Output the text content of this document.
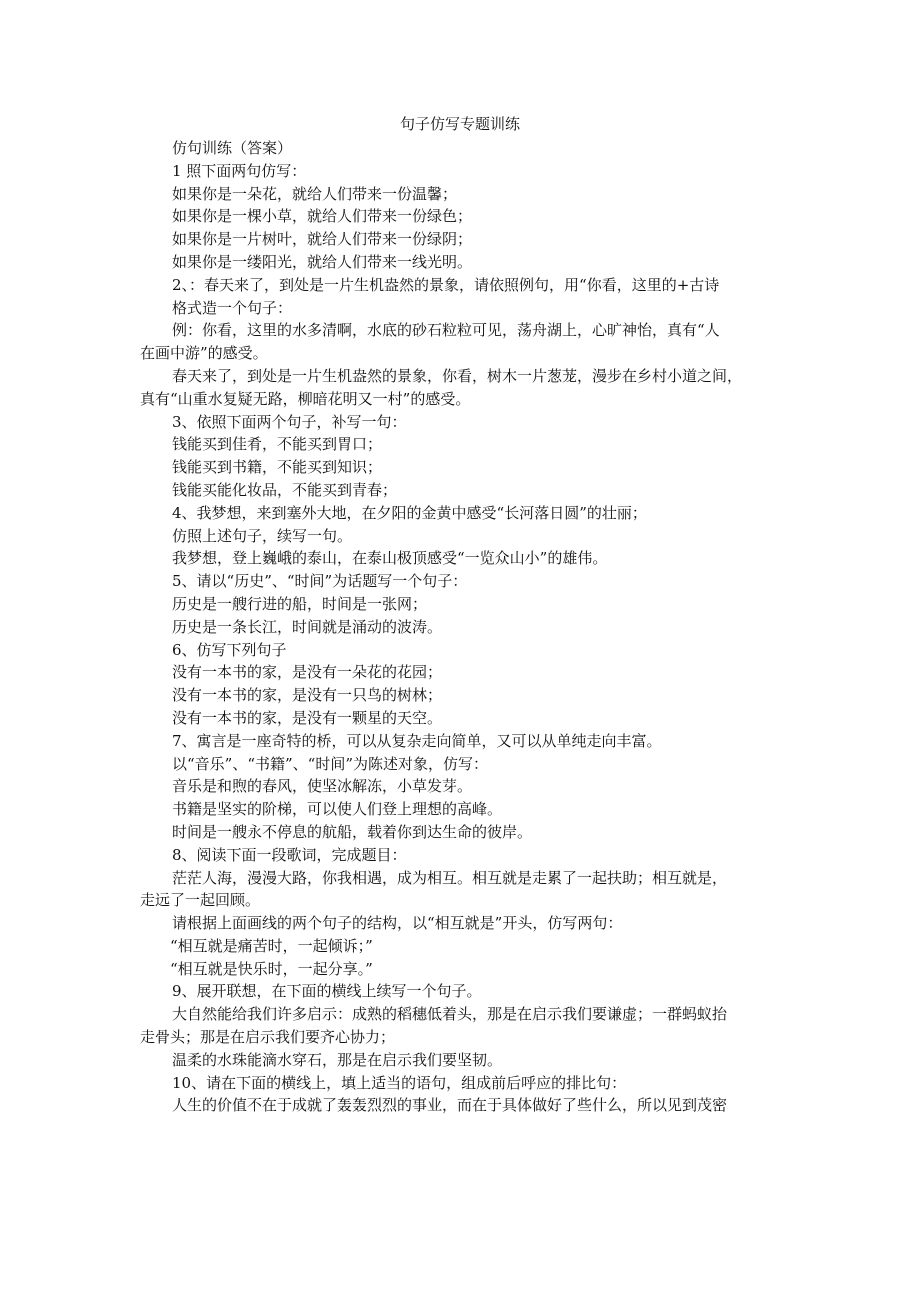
句子仿写专题训练

仿句训练（答案）

1 照下面两句仿写：

如果你是一朵花，就给人们带来一份温馨；

如果你是一棵小草，就给人们带来一份绿色；

如果你是一片树叶，就给人们带来一份绿阴；

如果你是一缕阳光，就给人们带来一线光明。

2、：春天来了，到处是一片生机盎然的景象，请依照例句，用“你看，这里的+古诗

格式造一个句子：

例：你看，这里的水多清啊，水底的砂石粒粒可见，荡舟湖上，心旷神怡，真有“人

在画中游”的感受。

春天来了，到处是一片生机盎然的景象，你看，树木一片葱茏，漫步在乡村小道之间，

真有“山重水复疑无路，柳暗花明又一村”的感受。

3、依照下面两个句子，补写一句：

钱能买到佳肴，不能买到胃口；

钱能买到书籍，不能买到知识；

钱能买能化妆品，不能买到青春；

4、我梦想，来到塞外大地，在夕阳的金黄中感受“长河落日圆”的壮丽；

仿照上述句子，续写一句。

我梦想，登上巍峨的泰山，在泰山极顶感受“一览众山小”的雄伟。

5、请以“历史”、“时间”为话题写一个句子：

历史是一艘行进的船，时间是一张网；

历史是一条长江，时间就是涌动的波涛。

6、仿写下列句子

没有一本书的家，是没有一朵花的花园；

没有一本书的家，是没有一只鸟的树林；

没有一本书的家，是没有一颗星的天空。

7、寓言是一座奇特的桥，可以从复杂走向简单，又可以从单纯走向丰富。

以“音乐”、“书籍”、“时间”为陈述对象，仿写：

音乐是和煦的春风，使坚冰解冻，小草发芽。

书籍是坚实的阶梯，可以使人们登上理想的高峰。

时间是一艘永不停息的航船，载着你到达生命的彼岸。

8、阅读下面一段歌词，完成题目：

茫茫人海，漫漫大路，你我相遇，成为相互。相互就是走累了一起扶助；相互就是，

走远了一起回顾。

请根据上面画线的两个句子的结构，以“相互就是”开头，仿写两句：

“相互就是痛苦时，一起倾诉；”

“相互就是快乐时，一起分享。”

9、展开联想，在下面的横线上续写一个句子。

大自然能给我们许多启示：成熟的稻穗低着头，那是在启示我们要谦虚；一群蚂蚁抬

走骨头；那是在启示我们要齐心协力；

温柔的水珠能滴水穿石，那是在启示我们要坚韧。

10、请在下面的横线上，填上适当的语句，组成前后呼应的排比句：

人生的价值不在于成就了轰轰烈烈的事业，而在于具体做好了些什么，所以见到茂密
